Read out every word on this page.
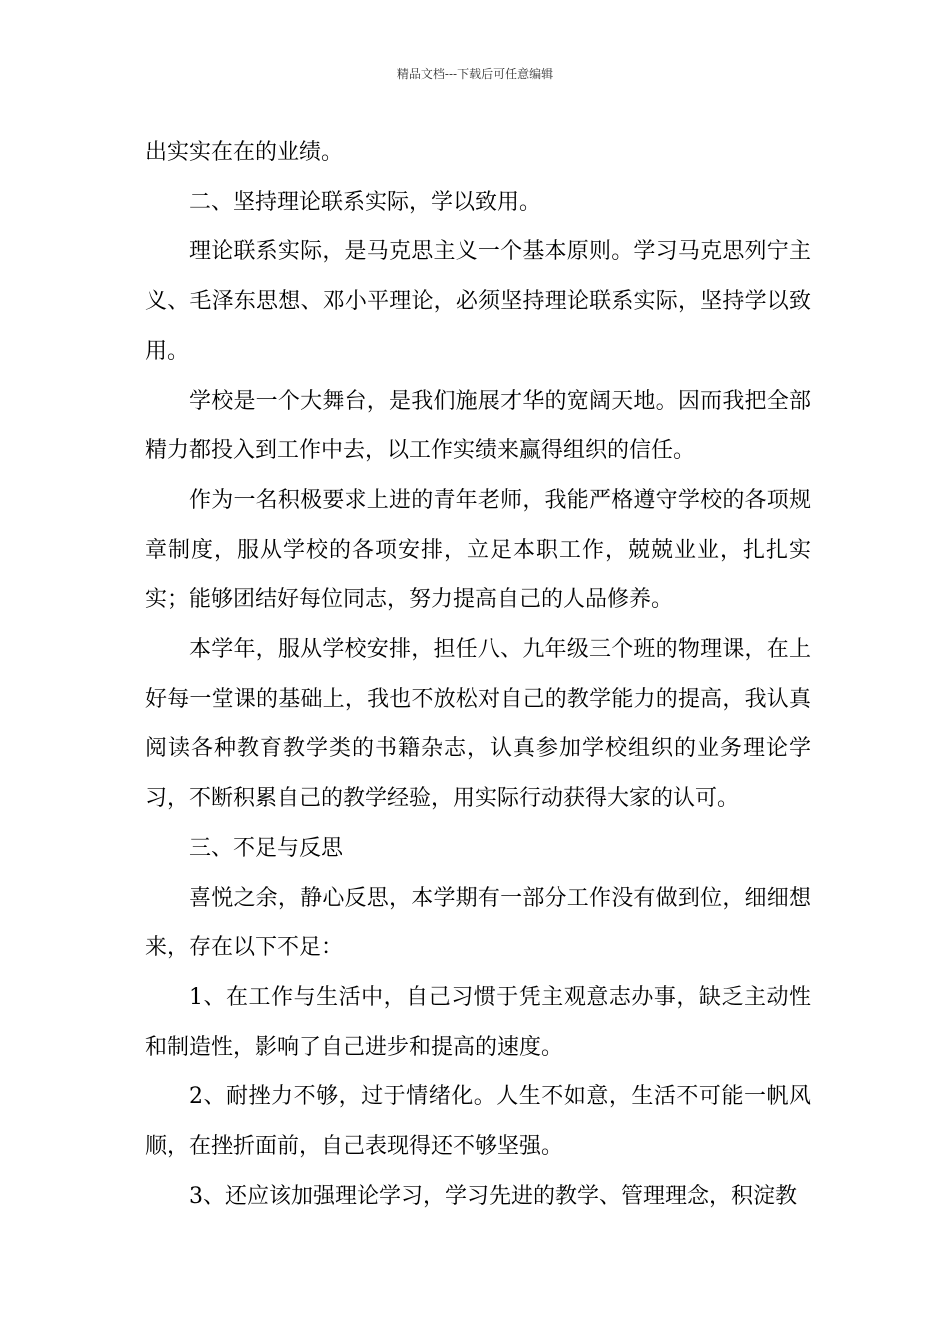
精品文档---下载后可任意编辑

出实实在在的业绩。

二、坚持理论联系实际，学以致用。

理论联系实际，是马克思主义一个基本原则。学习马克思列宁主义、毛泽东思想、邓小平理论，必须坚持理论联系实际，坚持学以致用。

学校是一个大舞台，是我们施展才华的宽阔天地。因而我把全部精力都投入到工作中去，以工作实绩来赢得组织的信任。

作为一名积极要求上进的青年老师，我能严格遵守学校的各项规章制度，服从学校的各项安排，立足本职工作，兢兢业业，扎扎实实；能够团结好每位同志，努力提高自己的人品修养。

本学年，服从学校安排，担任八、九年级三个班的物理课，在上好每一堂课的基础上，我也不放松对自己的教学能力的提高，我认真阅读各种教育教学类的书籍杂志，认真参加学校组织的业务理论学习，不断积累自己的教学经验，用实际行动获得大家的认可。

三、不足与反思

喜悦之余，静心反思，本学期有一部分工作没有做到位，细细想来，存在以下不足：

1、在工作与生活中，自己习惯于凭主观意志办事，缺乏主动性和制造性，影响了自己进步和提高的速度。

2、耐挫力不够，过于情绪化。人生不如意，生活不可能一帆风顺，在挫折面前，自己表现得还不够坚强。

3、还应该加强理论学习，学习先进的教学、管理理念，积淀教
